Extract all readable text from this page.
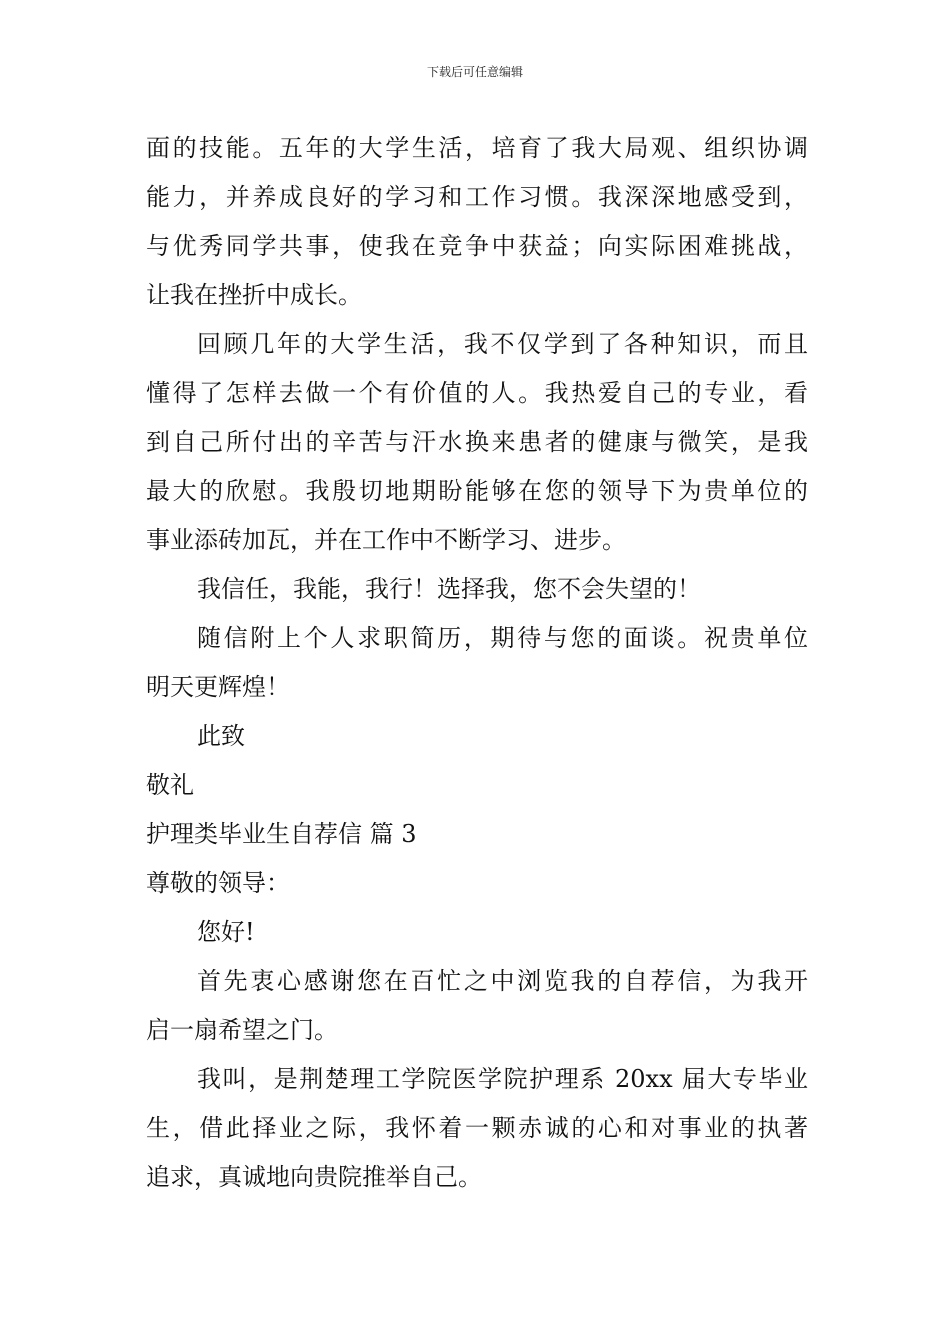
下载后可任意编辑
面的技能。五年的大学生活，培育了我大局观、组织协调
能力，并养成良好的学习和工作习惯。我深深地感受到，
与优秀同学共事，使我在竞争中获益；向实际困难挑战，
让我在挫折中成长。
回顾几年的大学生活，我不仅学到了各种知识，而且
懂得了怎样去做一个有价值的人。我热爱自己的专业，看
到自己所付出的辛苦与汗水换来患者的健康与微笑，是我
最大的欣慰。我殷切地期盼能够在您的领导下为贵单位的
事业添砖加瓦，并在工作中不断学习、进步。
我信任，我能，我行！选择我，您不会失望的！
随信附上个人求职简历，期待与您的面谈。祝贵单位
明天更辉煌！
此致
敬礼
护理类毕业生自荐信 篇 3
尊敬的领导：
您好!
首先衷心感谢您在百忙之中浏览我的自荐信，为我开
启一扇希望之门。
我叫，是荆楚理工学院医学院护理系 20xx 届大专毕业
生，借此择业之际，我怀着一颗赤诚的心和对事业的执著
追求，真诚地向贵院推举自己。
